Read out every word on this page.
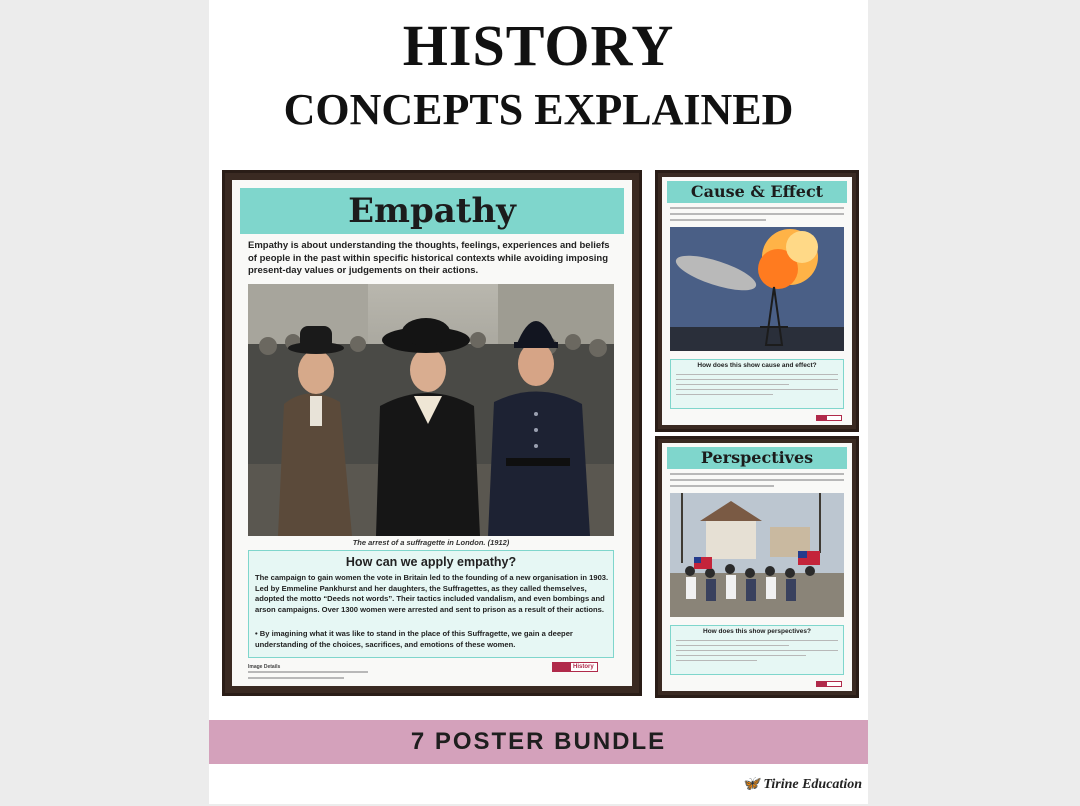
HISTORY
CONCEPTS EXPLAINED
Empathy
Empathy is about understanding the thoughts, feelings, experiences and beliefs of people in the past within specific historical contexts while avoiding imposing present-day values or judgements on their actions.
The arrest of a suffragette in London. (1912)
How can we apply empathy?
The campaign to gain women the vote in Britain led to the founding of a new organisation in 1903. Led by Emmeline Pankhurst and her daughters, the Suffragettes, as they called themselves, adopted the motto “Deeds not words”. Their tactics included vandalism, and even bombings and arson campaigns. Over 1300 women were arrested and sent to prison as a result of their actions.
• By imagining what it was like to stand in the place of this Suffragette, we gain a deeper understanding of the choices, sacrifices, and emotions of these women.
Image Details	History
Cause & Effect
How does this show cause and effect?
Perspectives
How does this show perspectives?
7 POSTER BUNDLE
🦋 Tirine Education
